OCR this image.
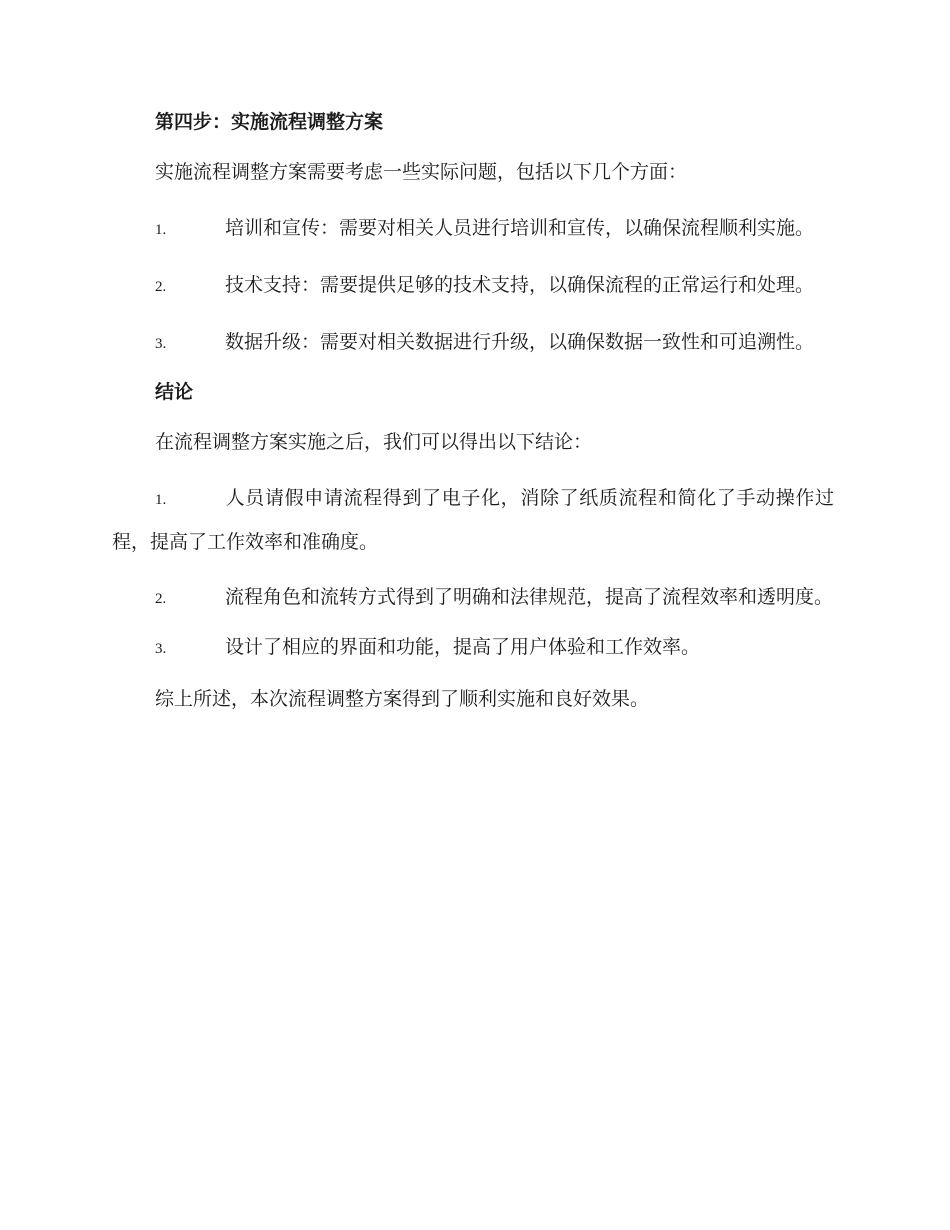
第四步：实施流程调整方案
实施流程调整方案需要考虑一些实际问题，包括以下几个方面：
1.	培训和宣传：需要对相关人员进行培训和宣传，以确保流程顺利实施。
2.	技术支持：需要提供足够的技术支持，以确保流程的正常运行和处理。
3.	数据升级：需要对相关数据进行升级，以确保数据一致性和可追溯性。
结论
在流程调整方案实施之后，我们可以得出以下结论：
1.	人员请假申请流程得到了电子化，消除了纸质流程和简化了手动操作过程，提高了工作效率和准确度。
2.	流程角色和流转方式得到了明确和法律规范，提高了流程效率和透明度。
3.	设计了相应的界面和功能，提高了用户体验和工作效率。
综上所述，本次流程调整方案得到了顺利实施和良好效果。
